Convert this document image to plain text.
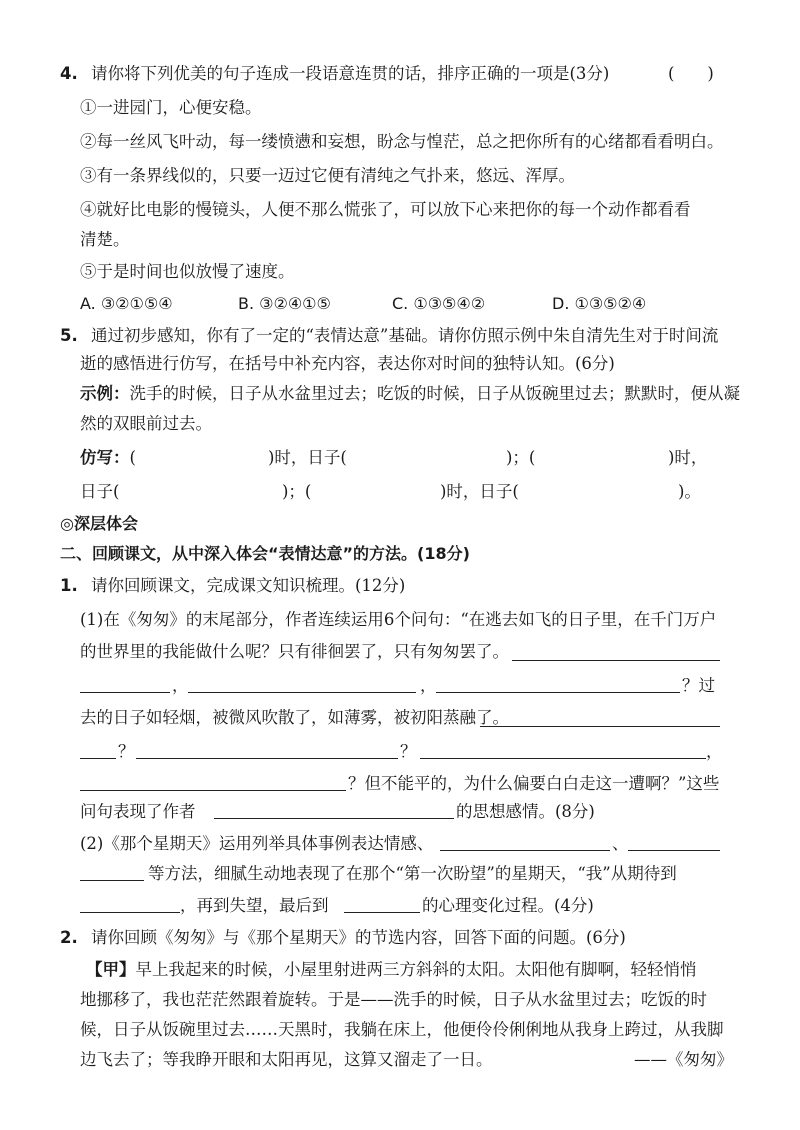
4. 请你将下列优美的句子连成一段语意连贯的话，排序正确的一项是(3分)	(　　)
①一进园门，心便安稳。
②每一丝风飞叶动，每一缕愤懑和妄想，盼念与惶茫，总之把你所有的心绪都看看明白。
③有一条界线似的，只要一迈过它便有清纯之气扑来，悠远、浑厚。
④就好比电影的慢镜头，人便不那么慌张了，可以放下心来把你的每一个动作都看看
清楚。
⑤于是时间也似放慢了速度。
A. ③②①⑤④	B. ③②④①⑤	C. ①③⑤④②	D. ①③⑤②④
5. 通过初步感知，你有了一定的“表情达意”基础。请你仿照示例中朱自清先生对于时间流
逝的感悟进行仿写，在括号中补充内容，表达你对时间的独特认知。(6分)
示例：洗手的时候，日子从水盆里过去；吃饭的时候，日子从饭碗里过去；默默时，便从凝
然的双眼前过去。
仿写：(	)时，日子(	)；(	)时，
日子(	)；(	)时，日子(	)。
◎深层体会
二、回顾课文，从中深入体会“表情达意”的方法。(18分)
1. 请你回顾课文，完成课文知识梳理。(12分)
(1)在《匆匆》的末尾部分，作者连续运用6个问句：“在逃去如飞的日子里，在千门万户
的世界里的我能做什么呢？只有徘徊罢了，只有匆匆罢了。
，	，	？过
去的日子如轻烟，被微风吹散了，如薄雾，被初阳蒸融了。
？	？	，
？但不能平的，为什么偏要白白走这一遭啊？”这些
问句表现了作者	的思想感情。(8分)
(2)《那个星期天》运用列举具体事例表达情感、	、
等方法，细腻生动地表现了在那个“第一次盼望”的星期天，“我”从期待到
，再到失望，最后到	的心理变化过程。(4分)
2. 请你回顾《匆匆》与《那个星期天》的节选内容，回答下面的问题。(6分)
【甲】早上我起来的时候，小屋里射进两三方斜斜的太阳。太阳他有脚啊，轻轻悄悄
地挪移了，我也茫茫然跟着旋转。于是——洗手的时候，日子从水盆里过去；吃饭的时
候，日子从饭碗里过去……天黑时，我躺在床上，他便伶伶俐俐地从我身上跨过，从我脚
边飞去了；等我睁开眼和太阳再见，这算又溜走了一日。	——《匆匆》
